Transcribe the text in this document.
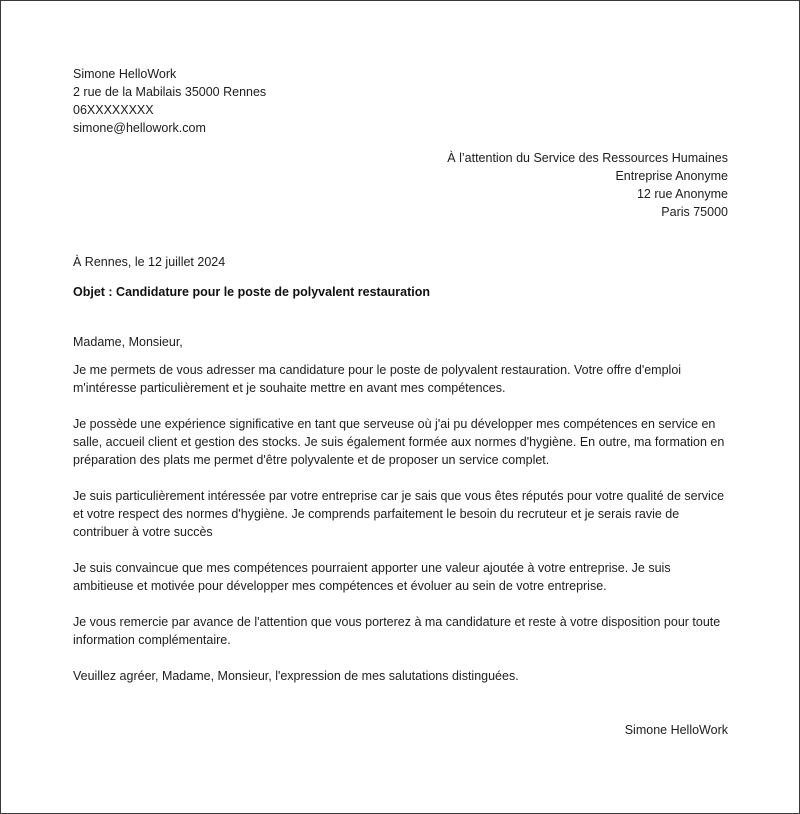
Simone HelloWork

2 rue de la Mabilais 35000 Rennes

06XXXXXXXX

simone@hellowork.com

À l’attention du Service des Ressources Humaines

Entreprise Anonyme

12 rue Anonyme

Paris 75000

À Rennes, le 12 juillet 2024

Objet : Candidature pour le poste de polyvalent restauration

Madame, Monsieur,

Je me permets de vous adresser ma candidature pour le poste de polyvalent restauration. Votre offre d'emploi m'intéresse particulièrement et je souhaite mettre en avant mes compétences.

Je possède une expérience significative en tant que serveuse où j'ai pu développer mes compétences en service en salle, accueil client et gestion des stocks. Je suis également formée aux normes d'hygiène. En outre, ma formation en préparation des plats me permet d'être polyvalente et de proposer un service complet.

Je suis particulièrement intéressée par votre entreprise car je sais que vous êtes réputés pour votre qualité de service et votre respect des normes d'hygiène. Je comprends parfaitement le besoin du recruteur et je serais ravie de contribuer à votre succès

Je suis convaincue que mes compétences pourraient apporter une valeur ajoutée à votre entreprise. Je suis ambitieuse et motivée pour développer mes compétences et évoluer au sein de votre entreprise.

Je vous remercie par avance de l'attention que vous porterez à ma candidature et reste à votre disposition pour toute information complémentaire.

Veuillez agréer, Madame, Monsieur, l'expression de mes salutations distinguées.

Simone HelloWork
